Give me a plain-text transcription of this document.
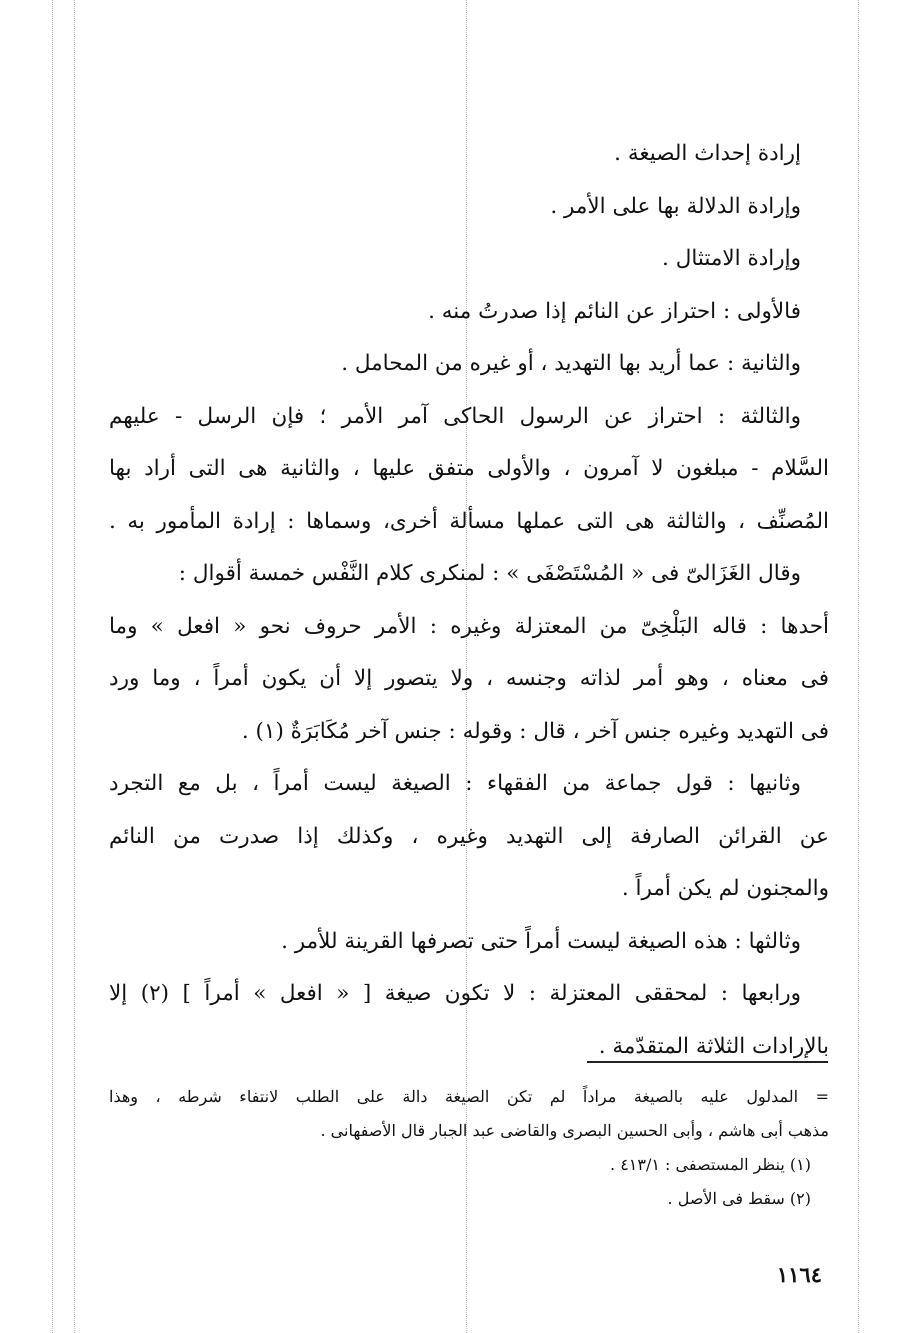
إرادة إحداث الصيغة .
وإرادة الدلالة بها على الأمر .
وإرادة الامتثال .
فالأولى : احتراز عن النائم إذا صدرتُ منه .
والثانية : عما أريد بها التهديد ، أو غيره من المحامل .
والثالثة : احتراز عن الرسول الحاكى آمر الأمر ؛ فإن الرسل - عليهم
السَّلام - مبلغون لا آمرون ، والأولى متفق عليها ، والثانية هى التى أراد بها
المُصنِّف ، والثالثة هى التى عملها مسألة أخرى، وسماها : إرادة المأمور به .
وقال الغَزَالىّ فى « المُسْتَصْفَى » : لمنكرى كلام النَّفْس خمسة أقوال :
أحدها : قاله البَلْخِىّ من المعتزلة وغيره : الأمر حروف نحو « افعل » وما
فى معناه ، وهو أمر لذاته وجنسه ، ولا يتصور إلا أن يكون أمراً ، وما ورد
فى التهديد وغيره جنس آخر ، قال : وقوله : جنس آخر مُكَابَرَةٌ (١) .
وثانيها : قول جماعة من الفقهاء : الصيغة ليست أمراً ، بل مع التجرد
عن القرائن الصارفة إلى التهديد وغيره ، وكذلك إذا صدرت من النائم
والمجنون لم يكن أمراً .
وثالثها : هذه الصيغة ليست أمراً حتى تصرفها القرينة للأمر .
ورابعها : لمحققى المعتزلة : لا تكون صيغة [ « افعل » أمراً ] (٢) إلا
بالإرادات الثلاثة المتقدّمة .
= المدلول عليه بالصيغة مراداً لم تكن الصيغة دالة على الطلب لانتفاء شرطه ، وهذا
مذهب أبى هاشم ، وأبى الحسين البصرى والقاضى عبد الجبار قال الأصفهانى .
(١) ينظر المستصفى : ٤١٣/١ .
(٢) سقط فى الأصل .
١١٦٤
